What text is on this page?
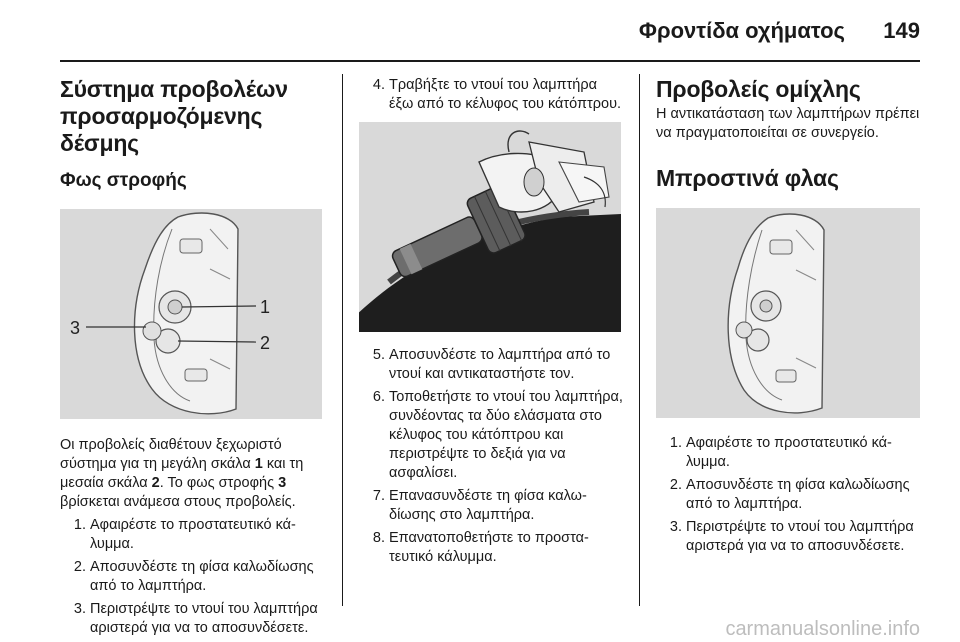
Φροντίδα οχήματος 149
Σύστημα προβολέων προσαρμοζόμενης δέσμης
Φως στροφής
1
2
3

Οι προβολείς διαθέτουν ξεχωριστό σύστημα για τη μεγάλη σκάλα 1 και τη μεσαία σκάλα 2. Το φως στροφής 3 βρίσκεται ανάμεσα στους προβολείς.

1. Αφαιρέστε το προστατευτικό κάλυμμα.
2. Αποσυνδέστε τη φίσα καλωδίωσης από το λαμπτήρα.
3. Περιστρέψτε το ντουί του λαμπτήρα αριστερά για να το αποσυνδέσετε.
4. Τραβήξτε το ντουί του λαμπτήρα έξω από το κέλυφος του κάτόπτρου.
5. Αποσυνδέστε το λαμπτήρα από το ντουί και αντικαταστήστε τον.
6. Τοποθετήστε το ντουί του λαμπτήρα, συνδέοντας τα δύο ελάσματα στο κέλυφος του κάτόπτρου και περιστρέψτε το δεξιά για να ασφαλίσει.
7. Επανασυνδέστε τη φίσα καλωδίωσης στο λαμπτήρα.
8. Επανατοποθετήστε το προστατευτικό κάλυμμα.
Προβολείς ομίχλης

Η αντικατάσταση των λαμπτήρων πρέπει να πραγματοποιείται σε συνεργείο.

Μπροστινά φλας
1. Αφαιρέστε το προστατευτικό κάλυμμα.
2. Αποσυνδέστε τη φίσα καλωδίωσης από το λαμπτήρα.
3. Περιστρέψτε το ντουί του λαμπτήρα αριστερά για να το αποσυνδέσετε.
carmanualsonline.info
